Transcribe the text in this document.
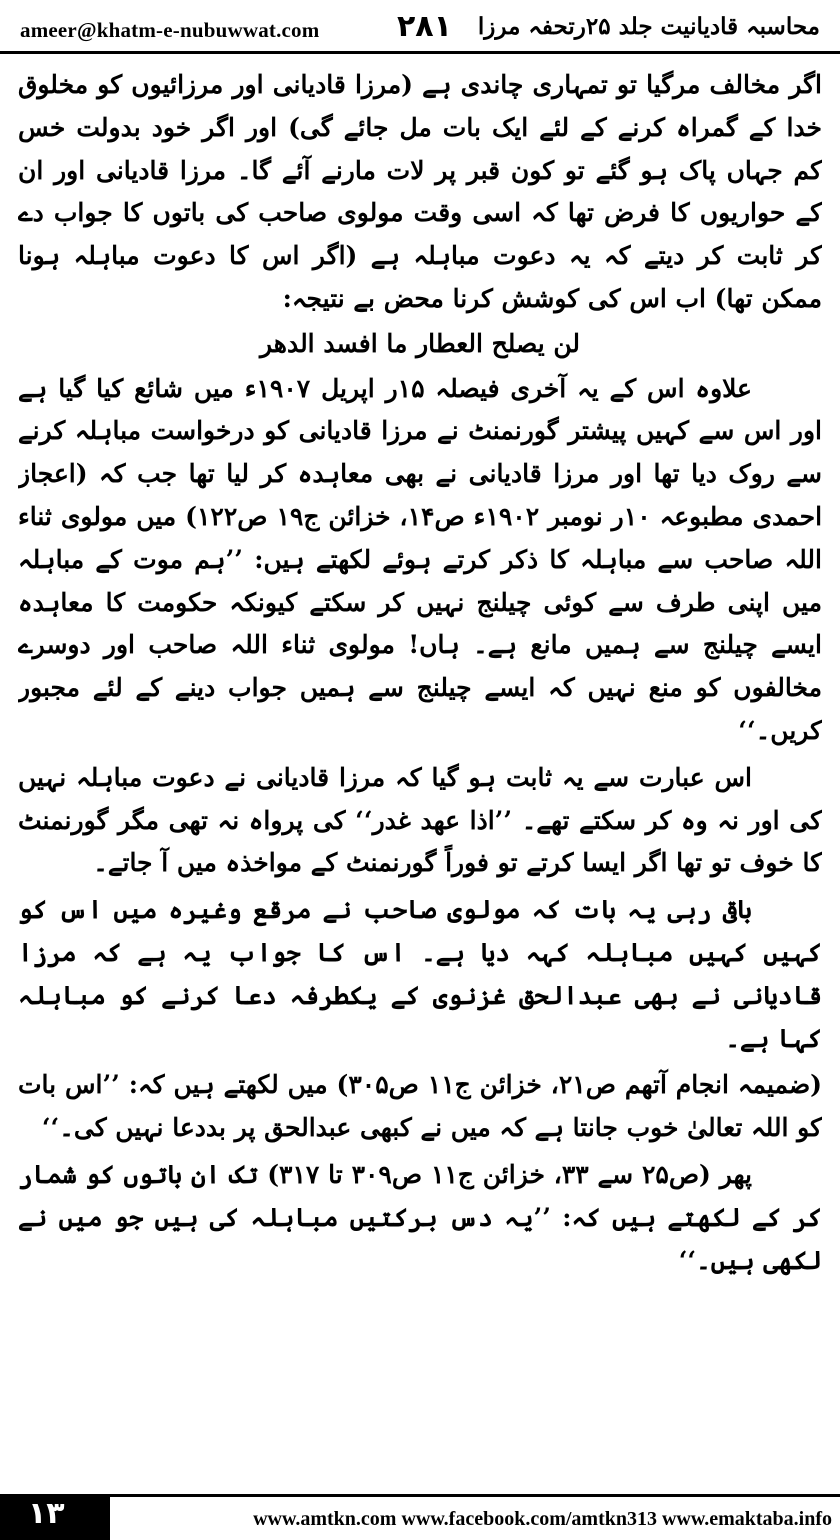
ameer@khatm-e-nubuwwat.com	۲۸۱ محاسبہ قادیانیت جلد ۲۵رتحفہ مرزا

اگر مخالف مرگیا تو تمہاری چاندی ہے (مرزا قادیانی اور مرزائیوں کو مخلوق خدا کے گمراہ کرنے کے لئے ایک بات مل جائے گی) اور اگر خود بدولت خس کم جہاں پاک ہو گئے تو کون قبر پر لات مارنے آئے گا۔ مرزا قادیانی اور ان کے حواریوں کا فرض تھا کہ اسی وقت مولوی صاحب کی باتوں کا جواب دے کر ثابت کر دیتے کہ یہ دعوت مباہلہ ہے (اگر اس کا دعوت مباہلہ ہونا ممکن تھا) اب اس کی کوشش کرنا محض بے نتیجہ:

لن یصلح العطار ما افسد الدھر

علاوہ اس کے یہ آخری فیصلہ ۱۵ر اپریل ۱۹۰۷ء میں شائع کیا گیا ہے اور اس سے کہیں پیشتر گورنمنٹ نے مرزا قادیانی کو درخواست مباہلہ کرنے سے روک دیا تھا اور مرزا قادیانی نے بھی معاہدہ کر لیا تھا جب کہ (اعجاز احمدی مطبوعہ ۱۰ر نومبر ۱۹۰۲ء ص۱۴، خزائن ج۱۹ ص۱۲۲) میں مولوی ثناء اللہ صاحب سے مباہلہ کا ذکر کرتے ہوئے لکھتے ہیں: ’’ہم موت کے مباہلہ میں اپنی طرف سے کوئی چیلنج نہیں کر سکتے کیونکہ حکومت کا معاہدہ ایسے چیلنج سے ہمیں مانع ہے۔ ہاں! مولوی ثناء اللہ صاحب اور دوسرے مخالفوں کو منع نہیں کہ ایسے چیلنج سے ہمیں جواب دینے کے لئے مجبور کریں۔‘‘

اس عبارت سے یہ ثابت ہو گیا کہ مرزا قادیانی نے دعوت مباہلہ نہیں کی اور نہ وہ کر سکتے تھے۔ ’’اذا عھد غدر‘‘ کی پرواہ نہ تھی مگر گورنمنٹ کا خوف تو تھا اگر ایسا کرتے تو فوراً گورنمنٹ کے مواخذہ میں آ جاتے۔

باقی رہی یہ بات کہ مولوی صاحب نے مرقع وغیرہ میں اس کو کہیں کہیں مباہلہ کہہ دیا ہے۔ اس کا جواب یہ ہے کہ مرزا قادیانی نے بھی عبدالحق غزنوی کے یکطرفہ دعا کرنے کو مباہلہ کہا ہے۔

(ضمیمہ انجام آتھم ص۲۱، خزائن ج۱۱ ص۳۰۵) میں لکھتے ہیں کہ: ’’اس بات کو اللہ تعالیٰ خوب جانتا ہے کہ میں نے کبھی عبدالحق پر بددعا نہیں کی۔‘‘

پھر (ص۲۵ سے ۳۳، خزائن ج۱۱ ص۳۰۹ تا ۳۱۷) تک ان باتوں کو شمار کر کے لکھتے ہیں کہ: ’’یہ دس برکتیں مباہلہ کی ہیں جو میں نے لکھی ہیں۔‘‘

۱۳	www.amtkn.com www.facebook.com/amtkn313 www.emaktaba.info
